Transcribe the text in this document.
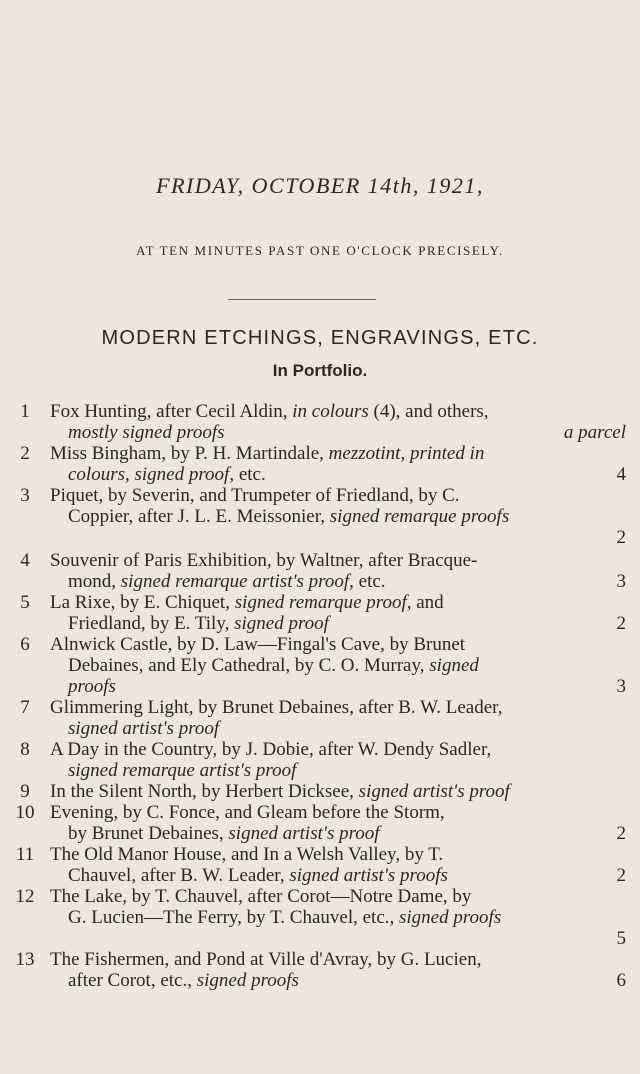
FRIDAY, OCTOBER 14th, 1921,
AT TEN MINUTES PAST ONE O'CLOCK PRECISELY.
MODERN ETCHINGS, ENGRAVINGS, ETC.
In Portfolio.
1	Fox Hunting, after Cecil Aldin, in colours (4), and others,
mostly signed proofs	a parcel
2	Miss Bingham, by P. H. Martindale, mezzotint, printed in
colours, signed proof, etc.	4
3	Piquet, by Severin, and Trumpeter of Friedland, by C.
Coppier, after J. L. E. Meissonier, signed remarque proofs
2
4	Souvenir of Paris Exhibition, by Waltner, after Bracque-
mond, signed remarque artist's proof, etc.	3
5	La Rixe, by E. Chiquet, signed remarque proof, and
Friedland, by E. Tily, signed proof	2
6	Alnwick Castle, by D. Law—Fingal's Cave, by Brunet
Debaines, and Ely Cathedral, by C. O. Murray, signed
proofs	3
7	Glimmering Light, by Brunet Debaines, after B. W. Leader,
signed artist's proof
8	A Day in the Country, by J. Dobie, after W. Dendy Sadler,
signed remarque artist's proof
9	In the Silent North, by Herbert Dicksee, signed artist's proof
10 Evening, by C. Fonce, and Gleam before the Storm,
by Brunet Debaines, signed artist's proof	2
11 The Old Manor House, and In a Welsh Valley, by T.
Chauvel, after B. W. Leader, signed artist's proofs	2
12 The Lake, by T. Chauvel, after Corot—Notre Dame, by
G. Lucien—The Ferry, by T. Chauvel, etc., signed proofs
5
13 The Fishermen, and Pond at Ville d'Avray, by G. Lucien,
after Corot, etc., signed proofs	6
